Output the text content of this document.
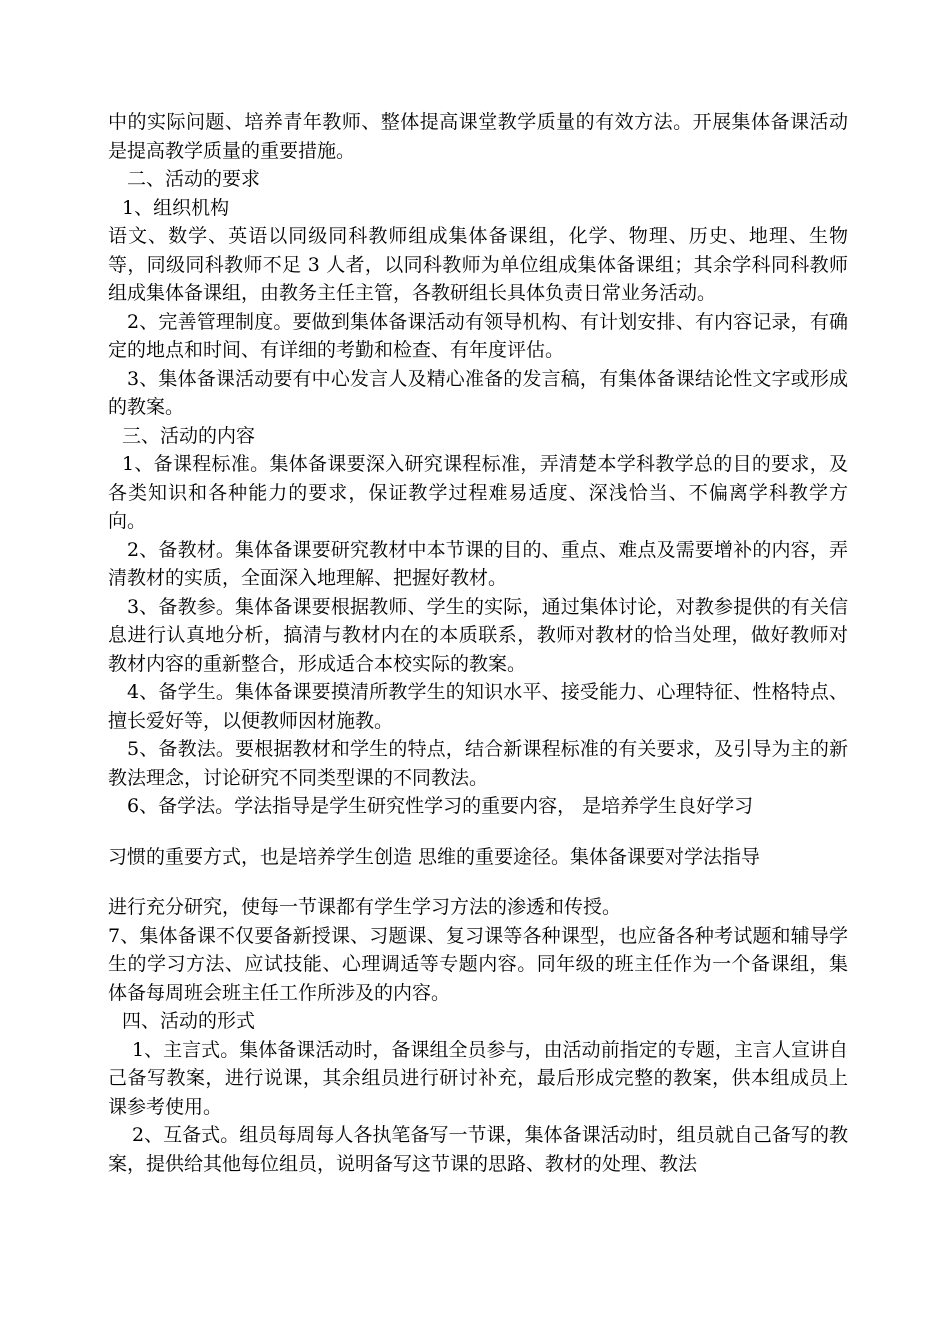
中的实际问题、培养青年教师、整体提高课堂教学质量的有效方法。开展集体备课活动是提高教学质量的重要措施。

二、活动的要求

1、组织机构

语文、数学、英语以同级同科教师组成集体备课组，化学、物理、历史、地理、生物等，同级同科教师不足 3 人者，以同科教师为单位组成集体备课组；其余学科同科教师组成集体备课组，由教务主任主管，各教研组长具体负责日常业务活动。

2、完善管理制度。要做到集体备课活动有领导机构、有计划安排、有内容记录，有确定的地点和时间、有详细的考勤和检查、有年度评估。

3、集体备课活动要有中心发言人及精心准备的发言稿，有集体备课结论性文字或形成的教案。

三、活动的内容

1、备课程标准。集体备课要深入研究课程标准，弄清楚本学科教学总的目的要求，及各类知识和各种能力的要求，保证教学过程难易适度、深浅恰当、不偏离学科教学方向。

2、备教材。集体备课要研究教材中本节课的目的、重点、难点及需要增补的内容，弄清教材的实质，全面深入地理解、把握好教材。

3、备教参。集体备课要根据教师、学生的实际，通过集体讨论，对教参提供的有关信息进行认真地分析，搞清与教材内在的本质联系，教师对教材的恰当处理，做好教师对教材内容的重新整合，形成适合本校实际的教案。

4、备学生。集体备课要摸清所教学生的知识水平、接受能力、心理特征、性格特点、擅长爱好等，以便教师因材施教。

5、备教法。要根据教材和学生的特点，结合新课程标准的有关要求，及引导为主的新教法理念，讨论研究不同类型课的不同教法。

6、备学法。学法指导是学生研究性学习的重要内容， 是培养学生良好学习

习惯的重要方式，也是培养学生创造 思维的重要途径。集体备课要对学法指导

进行充分研究，使每一节课都有学生学习方法的渗透和传授。

7、集体备课不仅要备新授课、习题课、复习课等各种课型，也应备各种考试题和辅导学生的学习方法、应试技能、心理调适等专题内容。同年级的班主任作为一个备课组，集体备每周班会班主任工作所涉及的内容。

四、活动的形式

1、主言式。集体备课活动时，备课组全员参与，由活动前指定的专题，主言人宣讲自己备写教案，进行说课，其余组员进行研讨补充，最后形成完整的教案，供本组成员上课参考使用。

2、互备式。组员每周每人各执笔备写一节课，集体备课活动时，组员就自己备写的教案，提供给其他每位组员，说明备写这节课的思路、教材的处理、教法
